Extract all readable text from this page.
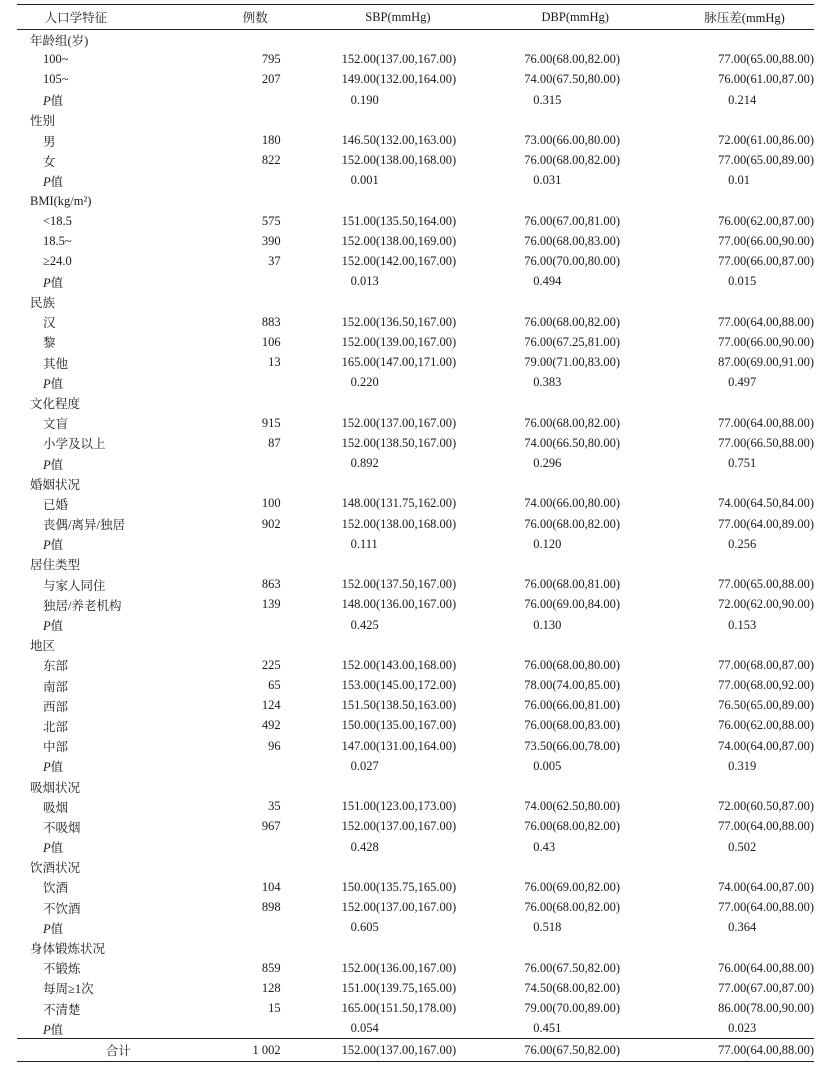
人口学特征	例数	SBP(mmHg)	DBP(mmHg)	脉压差(mmHg)
年龄组(岁)				
100~	795	152.00(137.00,167.00)	76.00(68.00,82.00)	77.00(65.00,88.00)
105~	207	149.00(132.00,164.00)	74.00(67.50,80.00)	76.00(61.00,87.00)
P值		0.190	0.315	0.214
性别				
男	180	146.50(132.00,163.00)	73.00(66.00,80.00)	72.00(61.00,86.00)
女	822	152.00(138.00,168.00)	76.00(68.00,82.00)	77.00(65.00,89.00)
P值		0.001	0.031	0.01
BMI(kg/m²)				
<18.5	575	151.00(135.50,164.00)	76.00(67.00,81.00)	76.00(62.00,87.00)
18.5~	390	152.00(138.00,169.00)	76.00(68.00,83.00)	77.00(66.00,90.00)
≥24.0	37	152.00(142.00,167.00)	76.00(70.00,80.00)	77.00(66.00,87.00)
P值		0.013	0.494	0.015
民族				
汉	883	152.00(136.50,167.00)	76.00(68.00,82.00)	77.00(64.00,88.00)
黎	106	152.00(139.00,167.00)	76.00(67.25,81.00)	77.00(66.00,90.00)
其他	13	165.00(147.00,171.00)	79.00(71.00,83.00)	87.00(69.00,91.00)
P值		0.220	0.383	0.497
文化程度				
文盲	915	152.00(137.00,167.00)	76.00(68.00,82.00)	77.00(64.00,88.00)
小学及以上	87	152.00(138.50,167.00)	74.00(66.50,80.00)	77.00(66.50,88.00)
P值		0.892	0.296	0.751
婚姻状况				
已婚	100	148.00(131.75,162.00)	74.00(66.00,80.00)	74.00(64.50,84.00)
丧偶/离异/独居	902	152.00(138.00,168.00)	76.00(68.00,82.00)	77.00(64.00,89.00)
P值		0.111	0.120	0.256
居住类型				
与家人同住	863	152.00(137.50,167.00)	76.00(68.00,81.00)	77.00(65.00,88.00)
独居/养老机构	139	148.00(136.00,167.00)	76.00(69.00,84.00)	72.00(62.00,90.00)
P值		0.425	0.130	0.153
地区				
东部	225	152.00(143.00,168.00)	76.00(68.00,80.00)	77.00(68.00,87.00)
南部	65	153.00(145.00,172.00)	78.00(74.00,85.00)	77.00(68.00,92.00)
西部	124	151.50(138.50,163.00)	76.00(66.00,81.00)	76.50(65.00,89.00)
北部	492	150.00(135.00,167.00)	76.00(68.00,83.00)	76.00(62.00,88.00)
中部	96	147.00(131.00,164.00)	73.50(66.00,78.00)	74.00(64.00,87.00)
P值		0.027	0.005	0.319
吸烟状况				
吸烟	35	151.00(123.00,173.00)	74.00(62.50,80.00)	72.00(60.50,87.00)
不吸烟	967	152.00(137.00,167.00)	76.00(68.00,82.00)	77.00(64.00,88.00)
P值		0.428	0.43	0.502
饮酒状况				
饮酒	104	150.00(135.75,165.00)	76.00(69.00,82.00)	74.00(64.00,87.00)
不饮酒	898	152.00(137.00,167.00)	76.00(68.00,82.00)	77.00(64.00,88.00)
P值		0.605	0.518	0.364
身体锻炼状况				
不锻炼	859	152.00(136.00,167.00)	76.00(67.50,82.00)	76.00(64.00,88.00)
每周≥1次	128	151.00(139.75,165.00)	74.50(68.00,82.00)	77.00(67.00,87.00)
不清楚	15	165.00(151.50,178.00)	79.00(70.00,89.00)	86.00(78.00,90.00)
P值		0.054	0.451	0.023
合计	1 002	152.00(137.00,167.00)	76.00(67.50,82.00)	77.00(64.00,88.00)
